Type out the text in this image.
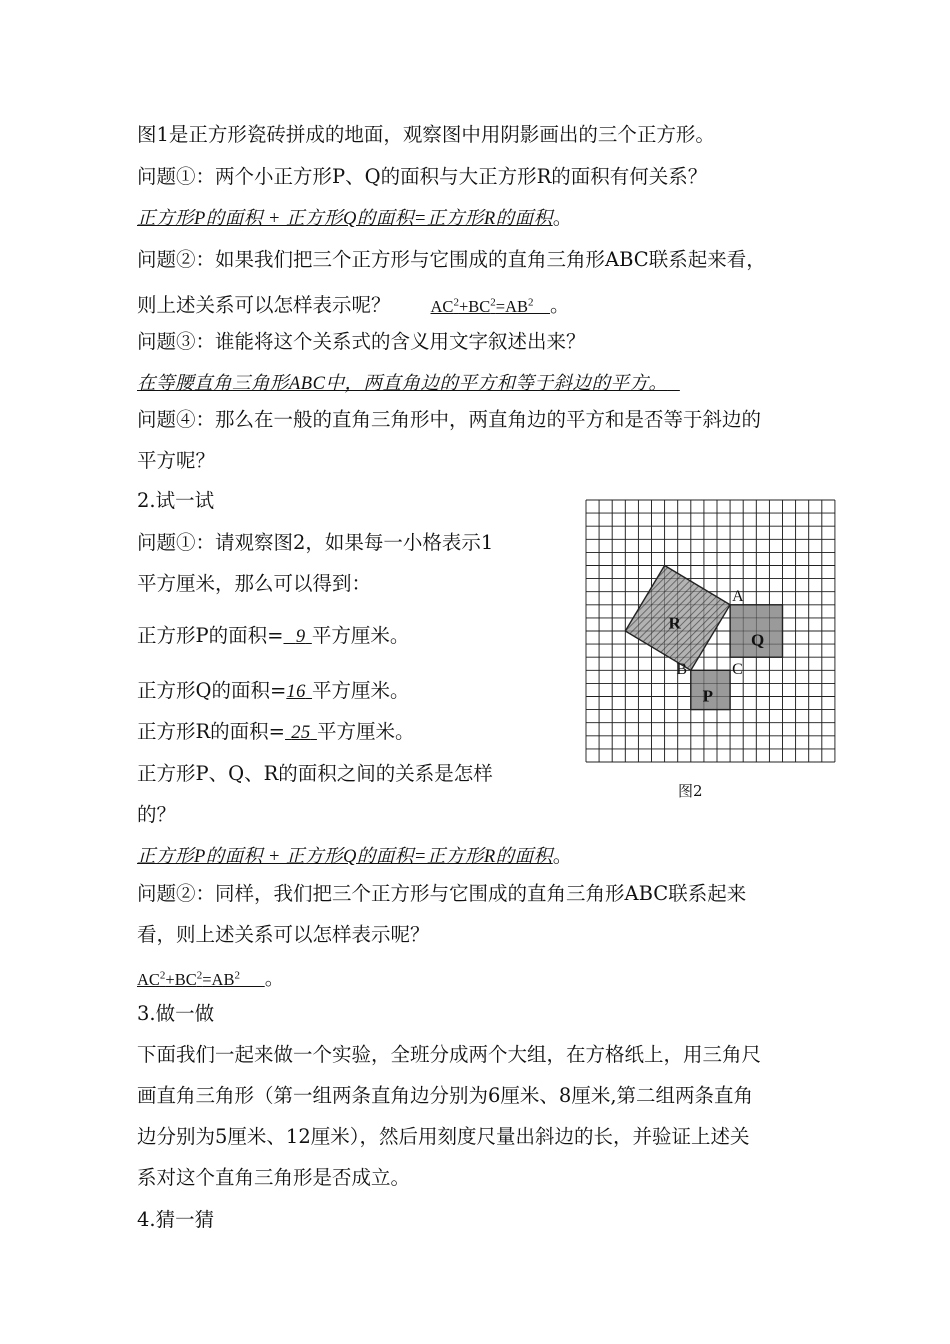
图1是正方形瓷砖拼成的地面，观察图中用阴影画出的三个正方形。
问题①：两个小正方形P、Q的面积与大正方形R的面积有何关系？
正方形P的面积 + 正方形Q的面积=正方形R的面积。
问题②：如果我们把三个正方形与它围成的直角三角形ABC联系起来看，
则上述关系可以怎样表示呢？ $AC^2+BC^2=AB^2$ 。
问题③：谁能将这个关系式的含义用文字叙述出来？
在等腰直角三角形ABC中，两直角边的平方和等于斜边的平方。
问题④：那么在一般的直角三角形中，两直角边的平方和是否等于斜边的
平方呢？
2.试一试
问题①：请观察图2，如果每一小格表示1
平方厘米，那么可以得到：
正方形P的面积= 9 平方厘米。
正方形Q的面积=16 平方厘米。
正方形R的面积= 25 平方厘米。
正方形P、Q、R的面积之间的关系是怎样
的？
正方形P的面积 + 正方形Q的面积=正方形R的面积。
问题②：同样，我们把三个正方形与它围成的直角三角形ABC联系起来
看，则上述关系可以怎样表示呢？
$AC^2+BC^2=AB^2$ 。
3.做一做
下面我们一起来做一个实验，全班分成两个大组，在方格纸上，用三角尺
画直角三角形（第一组两条直角边分别为6厘米、8厘米,第二组两条直角
边分别为5厘米、12厘米），然后用刻度尺量出斜边的长，并验证上述关
系对这个直角三角形是否成立。
4.猜一猜
R
Q
P
A
B	C
图2
